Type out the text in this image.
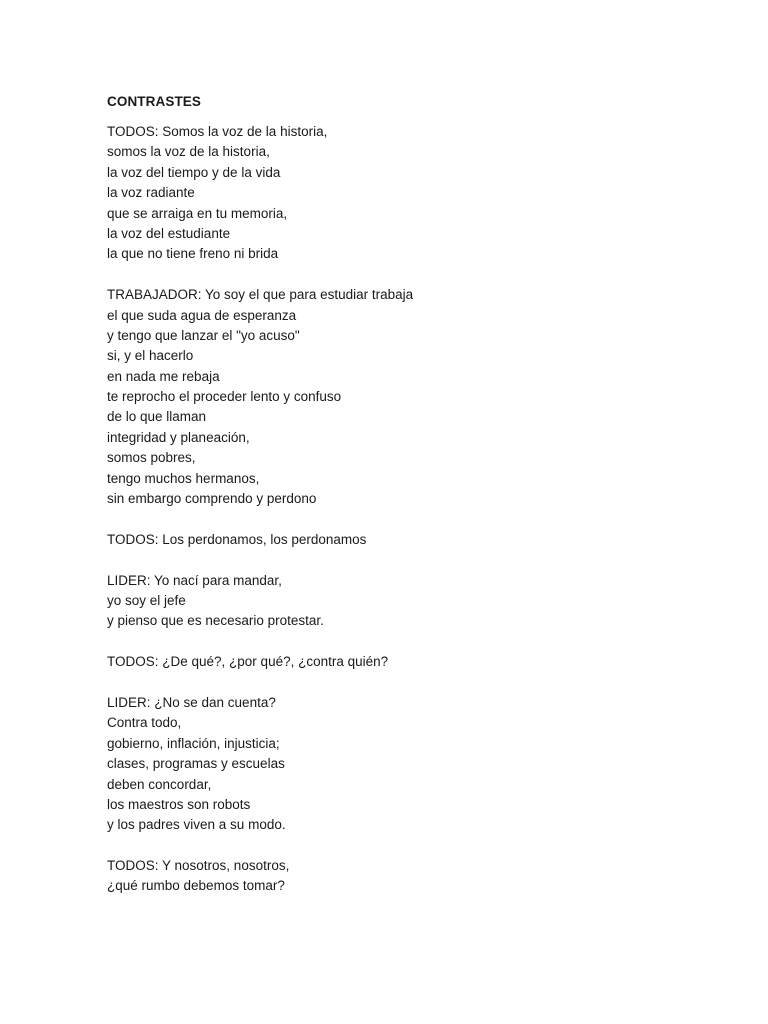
CONTRASTES
TODOS: Somos la voz de la historia,
somos la voz de la historia,
la voz del tiempo y de la vida
la voz radiante
que se arraiga en tu memoria,
la voz del estudiante
la que no tiene freno ni brida
TRABAJADOR: Yo soy el que para estudiar trabaja
el que suda agua de esperanza
y tengo que lanzar el "yo acuso"
si, y el hacerlo
en nada me rebaja
te reprocho el proceder lento y confuso
de lo que llaman
integridad y planeación,
somos pobres,
tengo muchos hermanos,
sin embargo comprendo y perdono
TODOS: Los perdonamos, los perdonamos
LIDER: Yo nací para mandar,
yo soy el jefe
y pienso que es necesario protestar.
TODOS: ¿De qué?, ¿por qué?, ¿contra quién?
LIDER: ¿No se dan cuenta?
Contra todo,
gobierno, inflación, injusticia;
clases, programas y escuelas
deben concordar,
los maestros son robots
y los padres viven a su modo.
TODOS: Y nosotros, nosotros,
¿qué rumbo debemos tomar?
